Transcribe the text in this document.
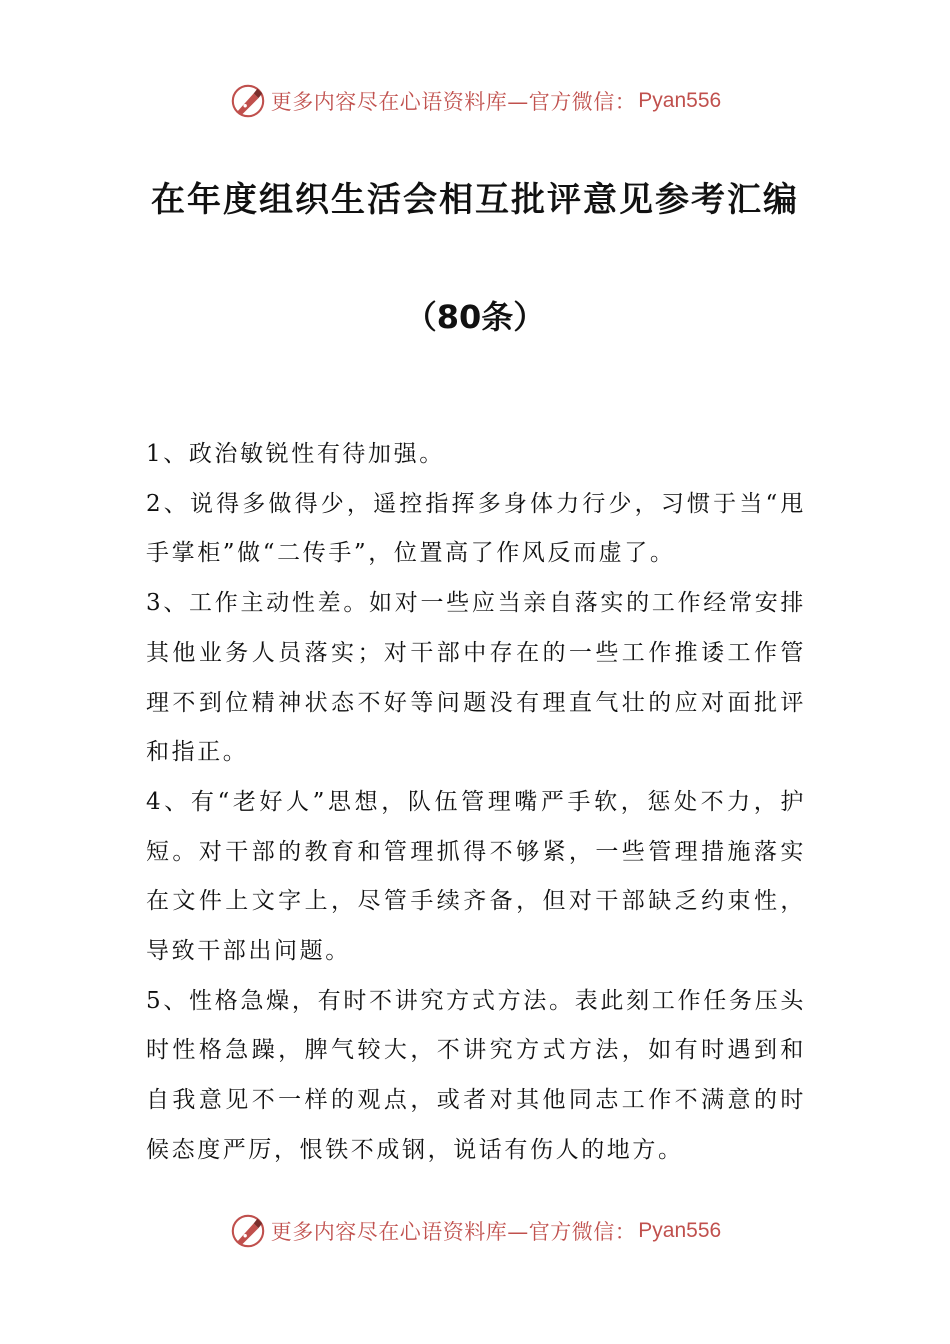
更多内容尽在心语资料库—官方微信： Pyan556
在年度组织生活会相互批评意见参考汇编
（80条）

1、政治敏锐性有待加强。

2、说得多做得少，遥控指挥多身体力行少，习惯于当“甩手掌柜”做“二传手”，位置高了作风反而虚了。

3、工作主动性差。如对一些应当亲自落实的工作经常安排其他业务人员落实；对干部中存在的一些工作推诿工作管理不到位精神状态不好等问题没有理直气壮的应对面批评和指正。

4、有“老好人”思想，队伍管理嘴严手软，惩处不力，护短。对干部的教育和管理抓得不够紧，一些管理措施落实在文件上文字上，尽管手续齐备，但对干部缺乏约束性，导致干部出问题。

5、性格急燥，有时不讲究方式方法。表此刻工作任务压头时性格急躁，脾气较大，不讲究方式方法，如有时遇到和自我意见不一样的观点，或者对其他同志工作不满意的时候态度严厉，恨铁不成钢，说话有伤人的地方。

更多内容尽在心语资料库—官方微信： Pyan556
